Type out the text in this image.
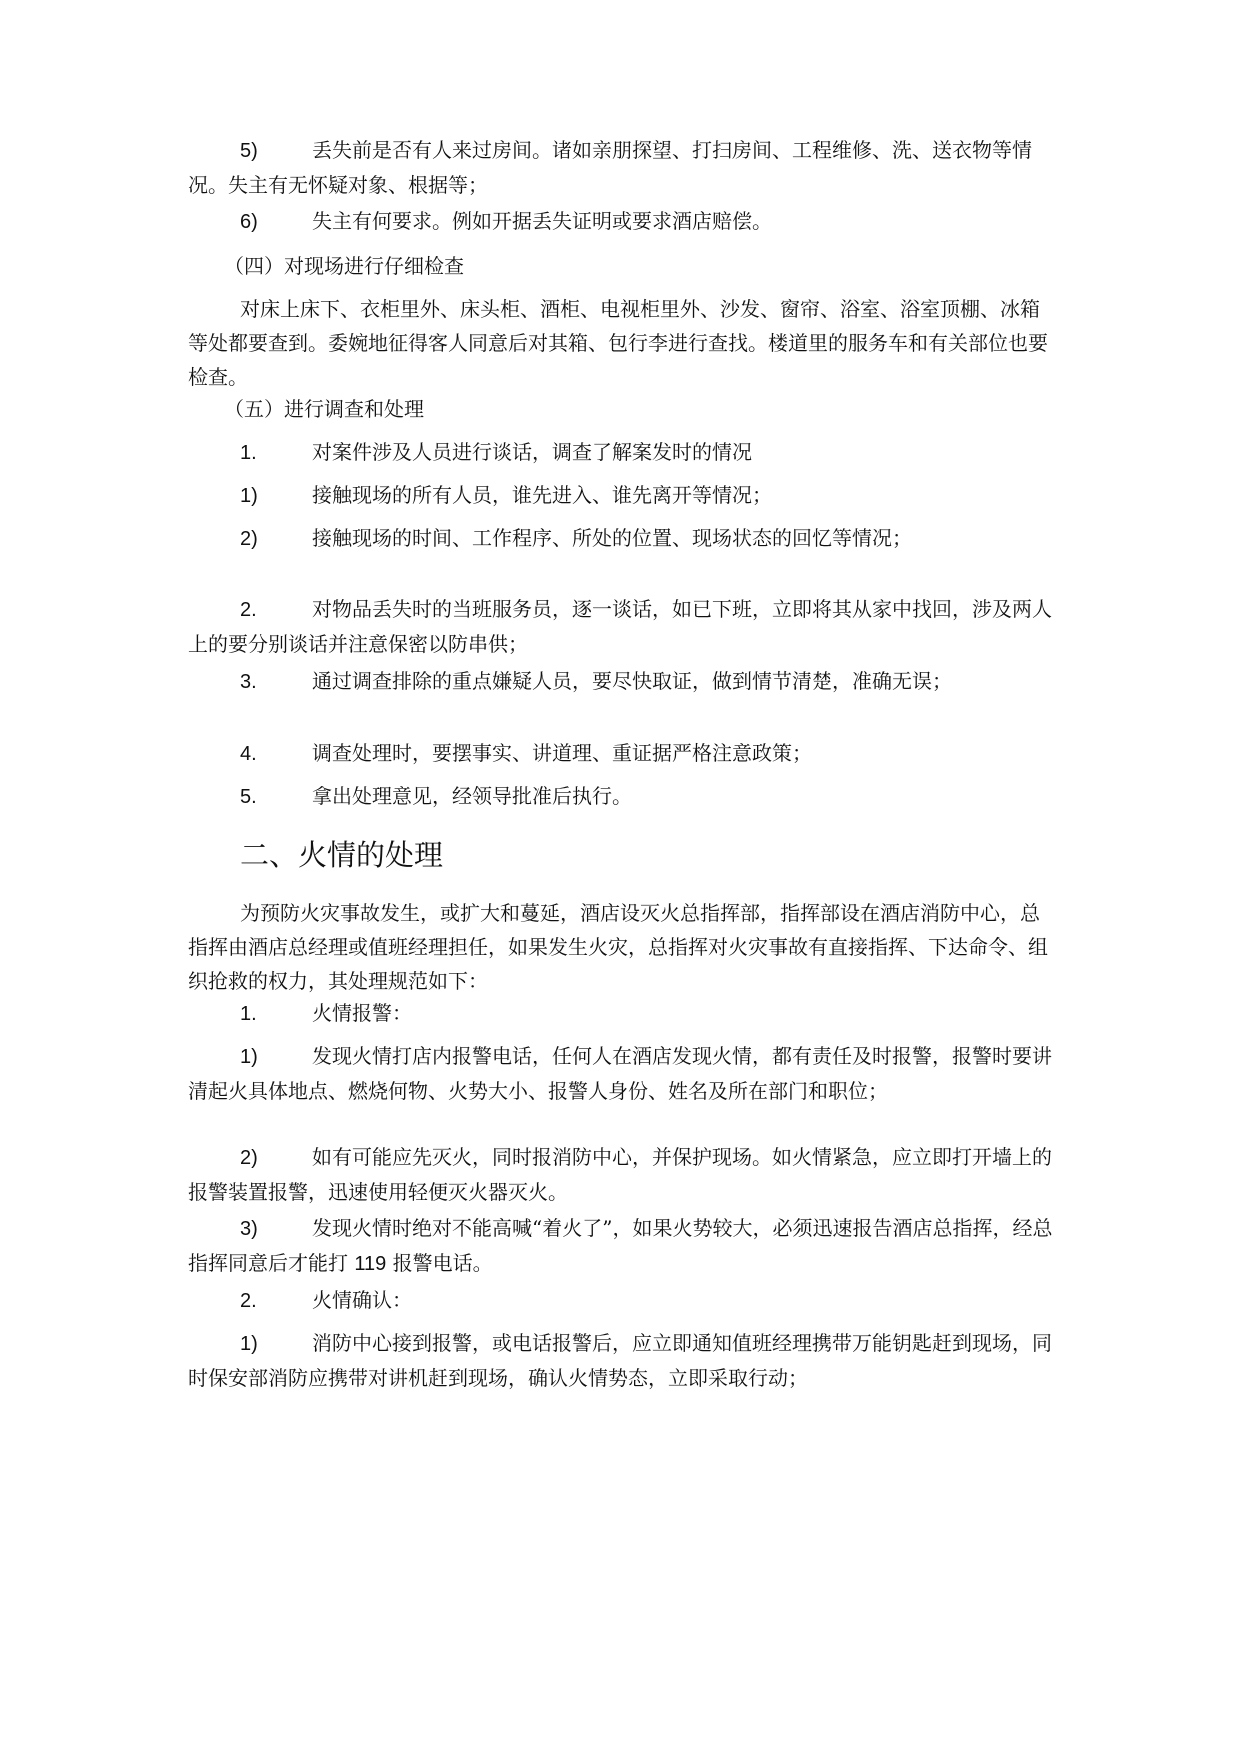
5)	丢失前是否有人来过房间。诸如亲朋探望、打扫房间、工程维修、洗、送衣物等情况。失主有无怀疑对象、根据等；

6)	失主有何要求。例如开据丢失证明或要求酒店赔偿。

（四）对现场进行仔细检查

对床上床下、衣柜里外、床头柜、酒柜、电视柜里外、沙发、窗帘、浴室、浴室顶棚、冰箱等处都要查到。委婉地征得客人同意后对其箱、包行李进行查找。楼道里的服务车和有关部位也要检查。

（五）进行调查和处理

1.	对案件涉及人员进行谈话，调查了解案发时的情况

1)	接触现场的所有人员，谁先进入、谁先离开等情况；

2)	接触现场的时间、工作程序、所处的位置、现场状态的回忆等情况；

2.	对物品丢失时的当班服务员，逐一谈话，如已下班，立即将其从家中找回，涉及两人上的要分别谈话并注意保密以防串供；

3.	通过调查排除的重点嫌疑人员，要尽快取证，做到情节清楚，准确无误；

4.	调查处理时，要摆事实、讲道理、重证据严格注意政策；

5.	拿出处理意见，经领导批准后执行。

二、火情的处理

为预防火灾事故发生，或扩大和蔓延，酒店设灭火总指挥部，指挥部设在酒店消防中心，总指挥由酒店总经理或值班经理担任，如果发生火灾，总指挥对火灾事故有直接指挥、下达命令、组织抢救的权力，其处理规范如下：

1.	火情报警：

1)	发现火情打店内报警电话，任何人在酒店发现火情，都有责任及时报警，报警时要讲清起火具体地点、燃烧何物、火势大小、报警人身份、姓名及所在部门和职位；

2)	如有可能应先灭火，同时报消防中心，并保护现场。如火情紧急，应立即打开墙上的报警装置报警，迅速使用轻便灭火器灭火。

3)	发现火情时绝对不能高喊“着火了”，如果火势较大，必须迅速报告酒店总指挥，经总指挥同意后才能打 119 报警电话。

2.	火情确认：

1)	消防中心接到报警，或电话报警后，应立即通知值班经理携带万能钥匙赶到现场，同时保安部消防应携带对讲机赶到现场，确认火情势态，立即采取行动；
